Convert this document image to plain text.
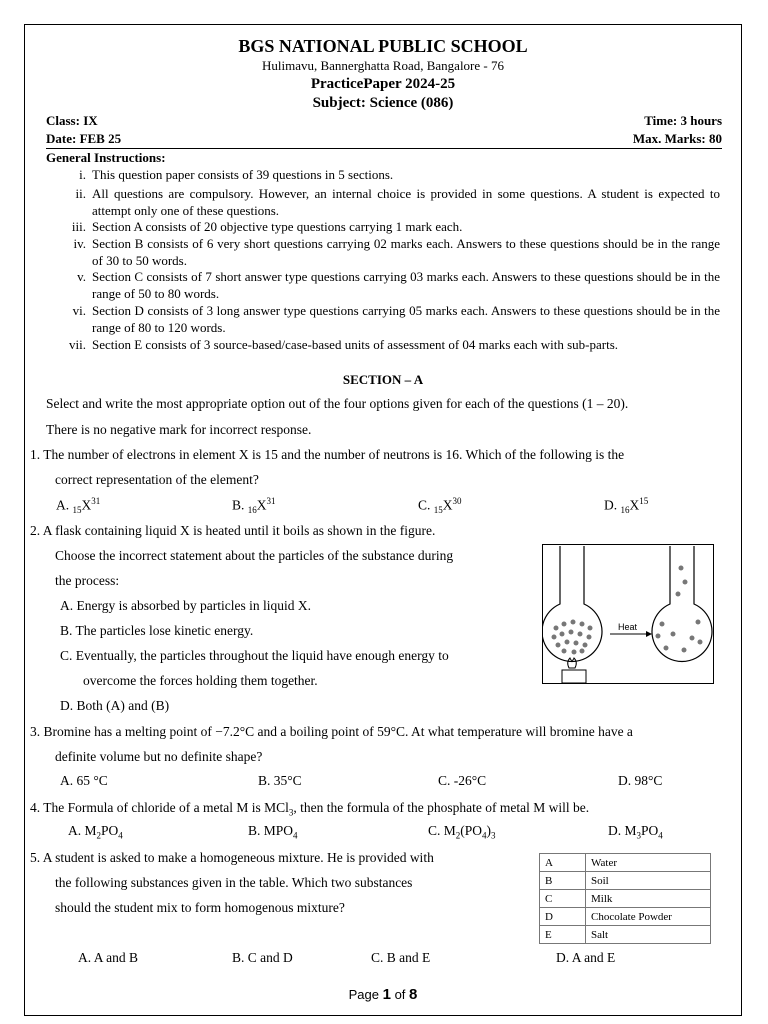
BGS NATIONAL PUBLIC SCHOOL
Hulimavu, Bannerghatta Road, Bangalore - 76
PracticePaper 2024-25
Subject: Science (086)
Class: IX	Time: 3 hours
Date: FEB 25	Max. Marks: 80
General Instructions:
i. This question paper consists of 39 questions in 5 sections.
ii. All questions are compulsory. However, an internal choice is provided in some questions. A student is expected to attempt only one of these questions.
iii. Section A consists of 20 objective type questions carrying 1 mark each.
iv. Section B consists of 6 very short questions carrying 02 marks each. Answers to these questions should be in the range of 30 to 50 words.
v. Section C consists of 7 short answer type questions carrying 03 marks each. Answers to these questions should be in the range of 50 to 80 words.
vi. Section D consists of 3 long answer type questions carrying 05 marks each. Answers to these questions should be in the range of 80 to 120 words.
vii. Section E consists of 3 source-based/case-based units of assessment of 04 marks each with sub-parts.
SECTION – A
Select and write the most appropriate option out of the four options given for each of the questions (1 – 20).
There is no negative mark for incorrect response.
1. The number of electrons in element X is 15 and the number of neutrons is 16. Which of the following is the
correct representation of the element?
A. $_{15}X^{31}$	B. $_{16}X^{31}$	C. $_{15}X^{30}$	D. $_{16}X^{15}$
2. A flask containing liquid X is heated until it boils as shown in the figure.
Choose the incorrect statement about the particles of the substance during
the process:
A. Energy is absorbed by particles in liquid X.
B. The particles lose kinetic energy.
C. Eventually, the particles throughout the liquid have enough energy to
overcome the forces holding them together.
D. Both (A) and (B)
Heat
3. Bromine has a melting point of −7.2°C and a boiling point of 59°C. At what temperature will bromine have a
definite volume but no definite shape?
A. 65 °C	B. 35°C	C. -26°C	D. 98°C
4. The Formula of chloride of a metal M is MCl$_3$, then the formula of the phosphate of metal M will be.
A. $M_2PO_4$	B. $MPO_4$	C. $M_2(PO_4)_3$	D. $M_3PO_4$
5. A student is asked to make a homogeneous mixture. He is provided with
the following substances given in the table. Which two substances
should the student mix to form homogenous mixture?
A	Water
B	Soil
C	Milk
D	Chocolate Powder
E	Salt
A. A and B	B. C and D	C. B and E	D. A and E
Page 1 of 8
